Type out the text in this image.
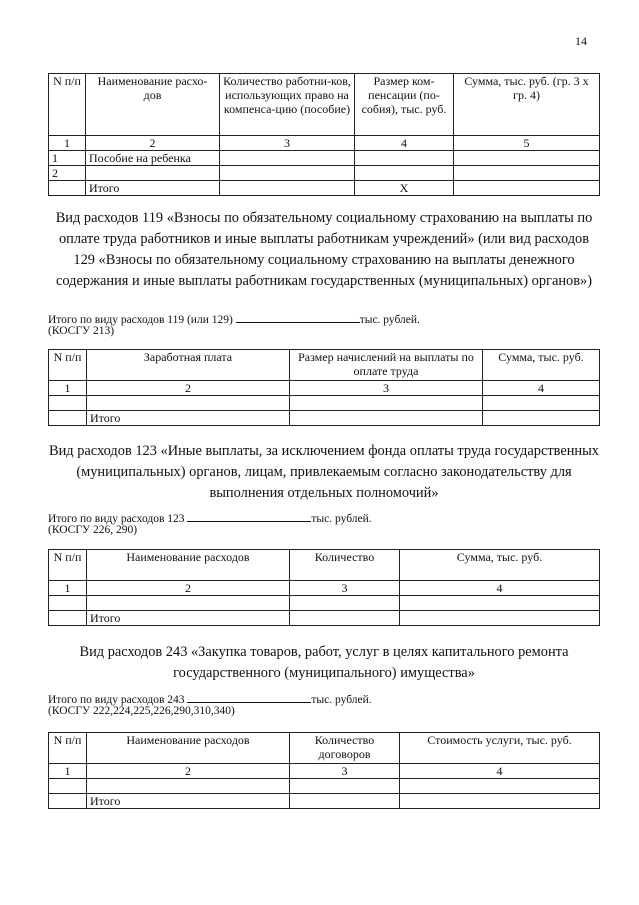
14
N п/п	Наименование расхо-дов	Количество работни-ков, использующих право на компенса-цию (пособие)	Размер ком-пенсации (по-собия), тыс. руб.	Сумма, тыс. руб. (гр. 3 х гр. 4)
1	2	3	4	5
1	Пособие на ребенка			
2				
	Итого		X	
Вид расходов 119 «Взносы по обязательному социальному страхованию на выплаты по оплате труда работников и иные выплаты работникам учреждений» (или вид расходов 129 «Взносы по обязательному социальному страхованию на выплаты денежного содержания и иные выплаты работникам государственных (муниципальных) органов»)
Итого по виду расходов 119 (или 129)	тыс. рублей.
(КОСГУ 213)
N п/п	Заработная плата	Размер начислений на выплаты по оплате труда	Сумма, тыс. руб.
1	2	3	4

	Итого		
Вид расходов 123 «Иные выплаты, за исключением фонда оплаты труда государственных (муниципальных) органов, лицам, привлекаемым согласно законодательству для выполнения отдельных полномочий»
Итого по виду расходов 123	тыс. рублей.
(КОСГУ 226, 290)
N п/п	Наименование расходов	Количество	Сумма, тыс. руб.
1	2	3	4

	Итого		
Вид расходов 243 «Закупка товаров, работ, услуг в целях капитального ремонта государственного (муниципального) имущества»
Итого по виду расходов 243	тыс. рублей.
(КОСГУ 222,224,225,226,290,310,340)
N п/п	Наименование расходов	Количество договоров	Стоимость услуги, тыс. руб.
1	2	3	4

	Итого		
